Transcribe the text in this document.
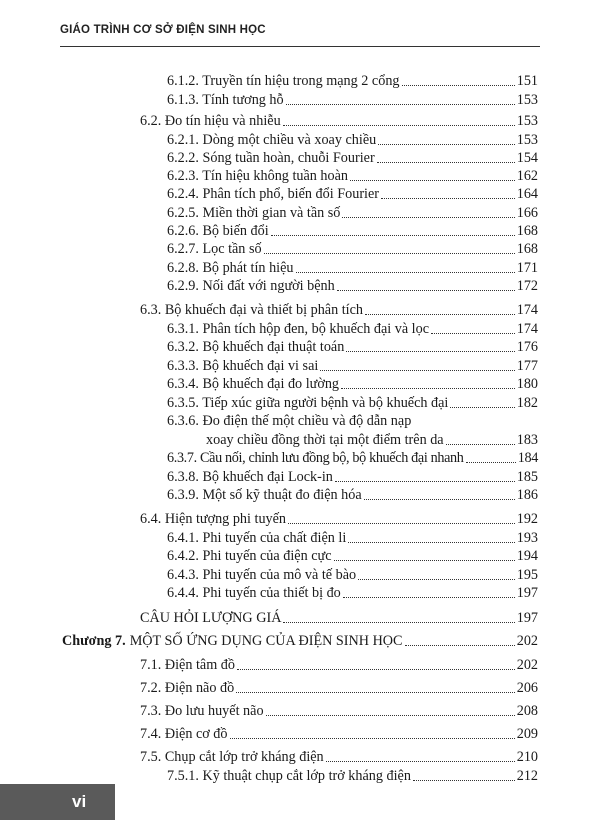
GIÁO TRÌNH CƠ SỞ ĐIỆN SINH HỌC
6.1.2. Truyền tín hiệu trong mạng 2 cổng	151
6.1.3. Tính tương hỗ	153
6.2. Đo tín hiệu và nhiễu	153
6.2.1. Dòng một chiều và xoay chiều	153
6.2.2. Sóng tuần hoàn, chuỗi Fourier	154
6.2.3. Tín hiệu không tuần hoàn	162
6.2.4. Phân tích phổ, biến đổi Fourier	164
6.2.5. Miền thời gian và tần số	166
6.2.6. Bộ biến đổi	168
6.2.7. Lọc tần số	168
6.2.8. Bộ phát tín hiệu	171
6.2.9. Nối đất với người bệnh	172
6.3. Bộ khuếch đại và thiết bị phân tích	174
6.3.1. Phân tích hộp đen, bộ khuếch đại và lọc	174
6.3.2. Bộ khuếch đại thuật toán	176
6.3.3. Bộ khuếch đại vi sai	177
6.3.4. Bộ khuếch đại đo lường	180
6.3.5. Tiếp xúc giữa người bệnh và bộ khuếch đại	182
6.3.6. Đo điện thế một chiều và độ dẫn nạp
xoay chiều đồng thời tại một điểm trên da	183
6.3.7. Cầu nối, chỉnh lưu đồng bộ, bộ khuếch đại nhanh	184
6.3.8. Bộ khuếch đại Lock-in	185
6.3.9. Một số kỹ thuật đo điện hóa	186
6.4. Hiện tượng phi tuyến	192
6.4.1. Phi tuyến của chất điện li	193
6.4.2. Phi tuyến của điện cực	194
6.4.3. Phi tuyến của mô và tế bào	195
6.4.4. Phi tuyến của thiết bị đo	197
CÂU HỎI LƯỢNG GIÁ	197
Chương 7. MỘT SỐ ỨNG DỤNG CỦA ĐIỆN SINH HỌC	202
7.1. Điện tâm đồ	202
7.2. Điện não đồ	206
7.3. Đo lưu huyết não	208
7.4. Điện cơ đồ	209
7.5. Chụp cắt lớp trở kháng điện	210
7.5.1. Kỹ thuật chụp cắt lớp trở kháng điện	212
vi
